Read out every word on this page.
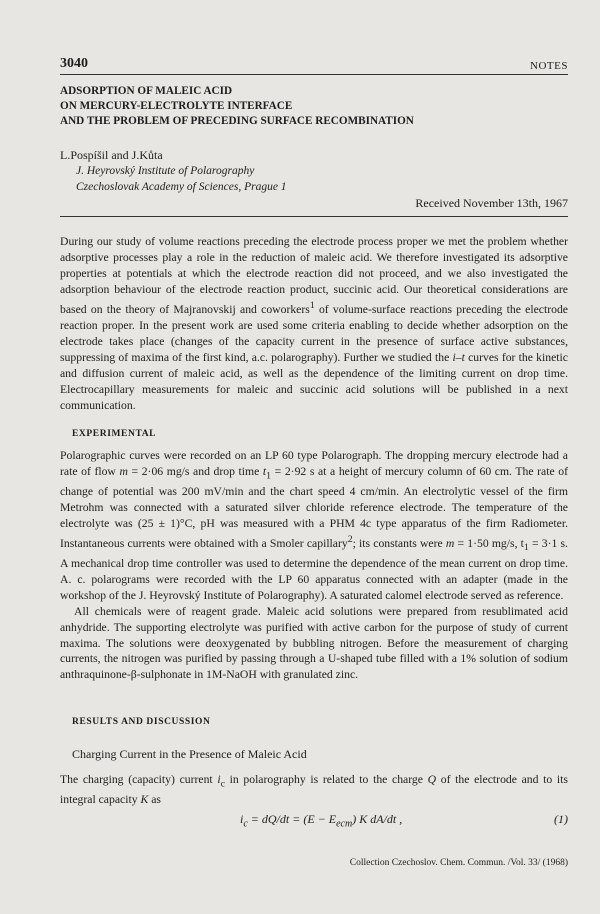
3040	NOTES
ADSORPTION OF MALEIC ACID
ON MERCURY-ELECTROLYTE INTERFACE
AND THE PROBLEM OF PRECEDING SURFACE RECOMBINATION
L.Pospíšil and J.Kůta
J. Heyrovský Institute of Polarography
Czechoslovak Academy of Sciences, Prague 1
Received November 13th, 1967
During our study of volume reactions preceding the electrode process proper we met the problem whether adsorptive processes play a role in the reduction of maleic acid. We therefore investigated its adsorptive properties at potentials at which the electrode reaction did not proceed, and we also investigated the adsorption behaviour of the electrode reaction product, succinic acid. Our theoretical considerations are based on the theory of Majranovskij and coworkers$^1$ of volume-surface reactions preceding the electrode reaction proper. In the present work are used some criteria enabling to decide whether adsorption on the electrode takes place (changes of the capacity current in the presence of surface active substances, suppressing of maxima of the first kind, a.c. polarography). Further we studied the i–t curves for the kinetic and diffusion current of maleic acid, as well as the dependence of the limiting current on drop time. Electrocapillary measurements for maleic and succinic acid solutions will be published in a next communication.
EXPERIMENTAL

Polarographic curves were recorded on an LP 60 type Polarograph. The dropping mercury electrode had a rate of flow m = 2·06 mg/s and drop time $t_1 = 2\cdot 92$ s at a height of mercury column of 60 cm. The rate of change of potential was 200 mV/min and the chart speed 4 cm/min. An electrolytic vessel of the firm Metrohm was connected with a saturated silver chloride reference electrode. The temperature of the electrolyte was (25 ± 1)°C, pH was measured with a PHM 4c type apparatus of the firm Radiometer. Instantaneous currents were obtained with a Smoler capillary$^2$; its constants were m = 1·50 mg/s, $t_1 = 3\cdot 1$ s. A mechanical drop time controller was used to determine the dependence of the mean current on drop time. A. c. polarograms were recorded with the LP 60 apparatus connected with an adapter (made in the workshop of the J. Heyrovský Institute of Polarography). A saturated calomel electrode served as reference.

All chemicals were of reagent grade. Maleic acid solutions were prepared from resublimated acid anhydride. The supporting electrolyte was purified with active carbon for the purpose of study of current maxima. The solutions were deoxygenated by bubbling nitrogen. Before the measurement of charging currents, the nitrogen was purified by passing through a U-shaped tube filled with a 1% solution of sodium anthraquinone-β-sulphonate in 1M-NaOH with granulated zinc.

RESULTS AND DISCUSSION
Charging Current in the Presence of Maleic Acid
The charging (capacity) current $i_c$ in polarography is related to the charge Q of the electrode and to its integral capacity K as
$i_c = dQ/dt = (E - E_{ecm})$ K dA/dt ,	(1)
Collection Czechoslov. Chem. Commun. /Vol. 33/ (1968)
